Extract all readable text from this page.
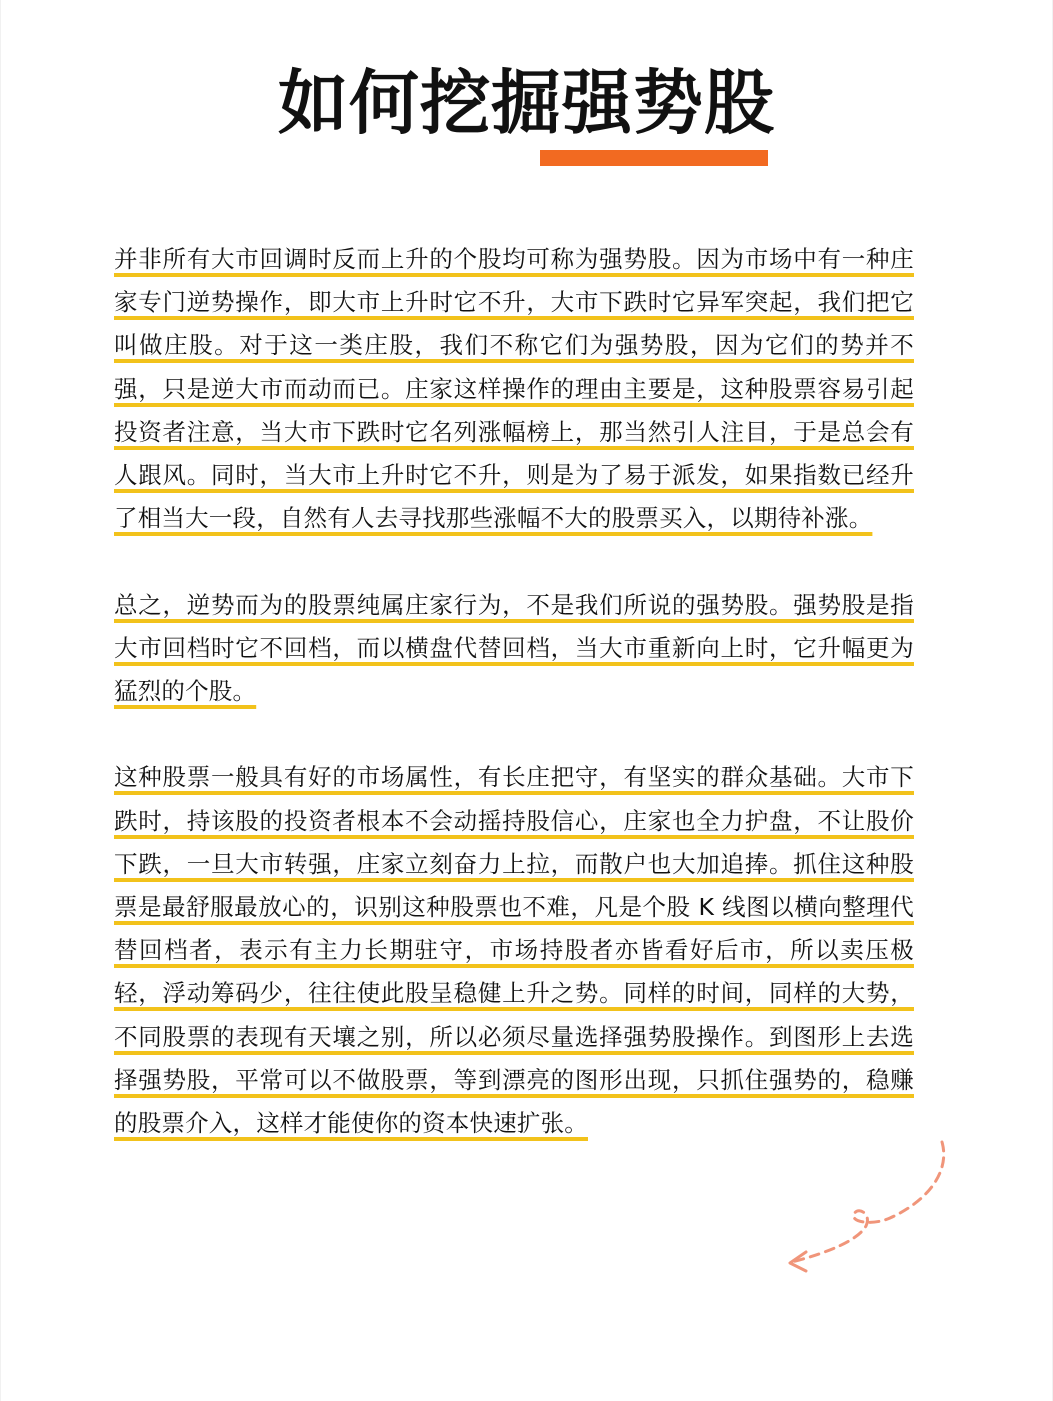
如何挖掘强势股

并非所有大市回调时反而上升的个股均可称为强势股。因为市场中有一种庄家专门逆势操作，即大市上升时它不升，大市下跌时它异军突起，我们把它叫做庄股。对于这一类庄股，我们不称它们为强势股，因为它们的势并不强，只是逆大市而动而已。庄家这样操作的理由主要是，这种股票容易引起投资者注意，当大市下跌时它名列涨幅榜上，那当然引人注目，于是总会有人跟风。同时，当大市上升时它不升，则是为了易于派发，如果指数已经升了相当大一段，自然有人去寻找那些涨幅不大的股票买入，以期待补涨。

总之，逆势而为的股票纯属庄家行为，不是我们所说的强势股。强势股是指大市回档时它不回档，而以横盘代替回档，当大市重新向上时，它升幅更为猛烈的个股。

这种股票一般具有好的市场属性，有长庄把守，有坚实的群众基础。大市下跌时，持该股的投资者根本不会动摇持股信心，庄家也全力护盘，不让股价下跌，一旦大市转强，庄家立刻奋力上拉，而散户也大加追捧。抓住这种股票是最舒服最放心的，识别这种股票也不难，凡是个股 K 线图以横向整理代替回档者，表示有主力长期驻守，市场持股者亦皆看好后市，所以卖压极轻，浮动筹码少，往往使此股呈稳健上升之势。同样的时间，同样的大势，不同股票的表现有天壤之别，所以必须尽量选择强势股操作。到图形上去选择强势股，平常可以不做股票，等到漂亮的图形出现，只抓住强势的，稳赚的股票介入，这样才能使你的资本快速扩张。
